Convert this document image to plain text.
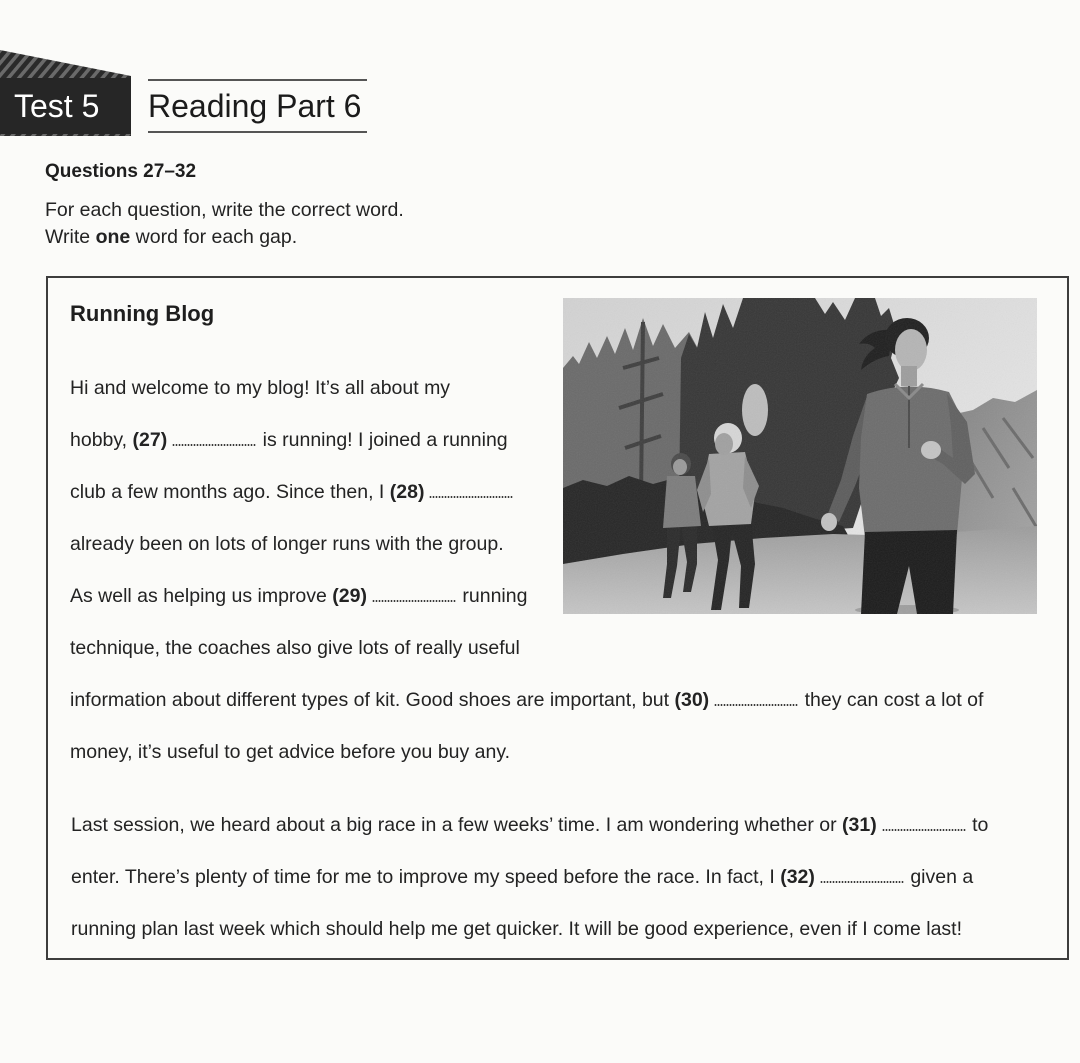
Test 5 Reading Part 6
Questions 27–32
For each question, write the correct word.
Write one word for each gap.
Running Blog
Hi and welcome to my blog! It’s all about my
hobby, (27)	is running! I joined a running
club a few months ago. Since then, I (28)
already been on lots of longer runs with the group.
As well as helping us improve (29)	running
technique, the coaches also give lots of really useful
information about different types of kit. Good shoes are important, but (30)	they can cost a lot of
money, it’s useful to get advice before you buy any.
Last session, we heard about a big race in a few weeks’ time. I am wondering whether or (31)	to
enter. There’s plenty of time for me to improve my speed before the race. In fact, I (32)	given a
running plan last week which should help me get quicker. It will be good experience, even if I come last!
